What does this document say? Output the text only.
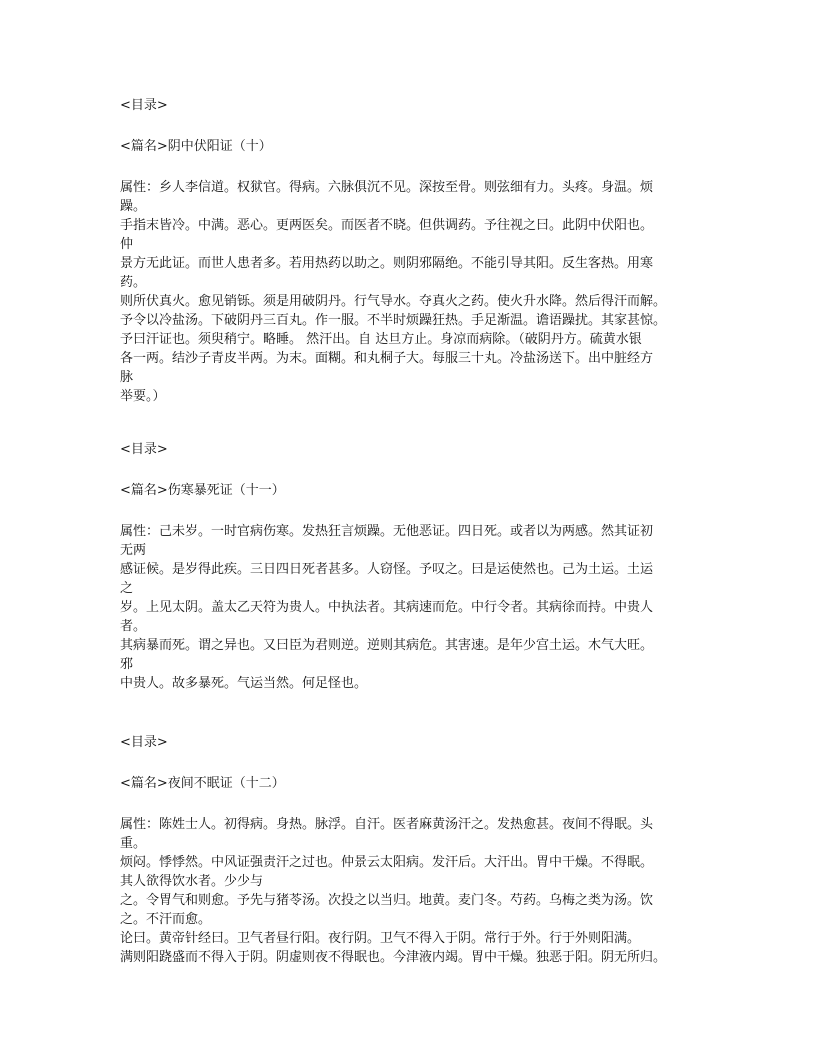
<目录>
<篇名>阴中伏阳证（十）
属性：乡人李信道。权狱官。得病。六脉俱沉不见。深按至骨。则弦细有力。头疼。身温。烦
躁。
手指末皆冷。中满。恶心。更两医矣。而医者不晓。但供调药。予往视之曰。此阴中伏阳也。
仲
景方无此证。而世人患者多。若用热药以助之。则阴邪隔绝。不能引导其阳。反生客热。用寒
药。
则所伏真火。愈见销铄。须是用破阴丹。行气导水。夺真火之药。使火升水降。然后得汗而解。
予令以冷盐汤。下破阴丹三百丸。作一服。不半时烦躁狂热。手足渐温。谵语躁扰。其家甚惊。
予曰汗证也。须臾稍宁。略睡。 然汗出。自 达旦方止。身凉而病除。（破阴丹方。硫黄水银
各一两。结沙子青皮半两。为末。面糊。和丸桐子大。每服三十丸。冷盐汤送下。出中脏经方
脉
举要。）
<目录>
<篇名>伤寒暴死证（十一）
属性：己未岁。一时官病伤寒。发热狂言烦躁。无他恶证。四日死。或者以为两感。然其证初
无两
感证候。是岁得此疾。三日四日死者甚多。人窃怪。予叹之。曰是运使然也。己为土运。土运
之
岁。上见太阴。盖太乙天符为贵人。中执法者。其病速而危。中行令者。其病徐而持。中贵人
者。
其病暴而死。谓之异也。又曰臣为君则逆。逆则其病危。其害速。是年少宫土运。木气大旺。
邪
中贵人。故多暴死。气运当然。何足怪也。
<目录>
<篇名>夜间不眠证（十二）
属性：陈姓士人。初得病。身热。脉浮。自汗。医者麻黄汤汗之。发热愈甚。夜间不得眠。头
重。
烦闷。悸悸然。中风证强责汗之过也。仲景云太阳病。发汗后。大汗出。胃中干燥。不得眠。
其人欲得饮水者。少少与
之。令胃气和则愈。予先与猪苓汤。次投之以当归。地黄。麦门冬。芍药。乌梅之类为汤。饮
之。不汗而愈。
论曰。黄帝针经曰。卫气者昼行阳。夜行阴。卫气不得入于阴。常行于外。行于外则阳满。
满则阳跷盛而不得入于阴。阴虚则夜不得眠也。今津液内竭。胃中干燥。独恶于阳。阴无所归。
